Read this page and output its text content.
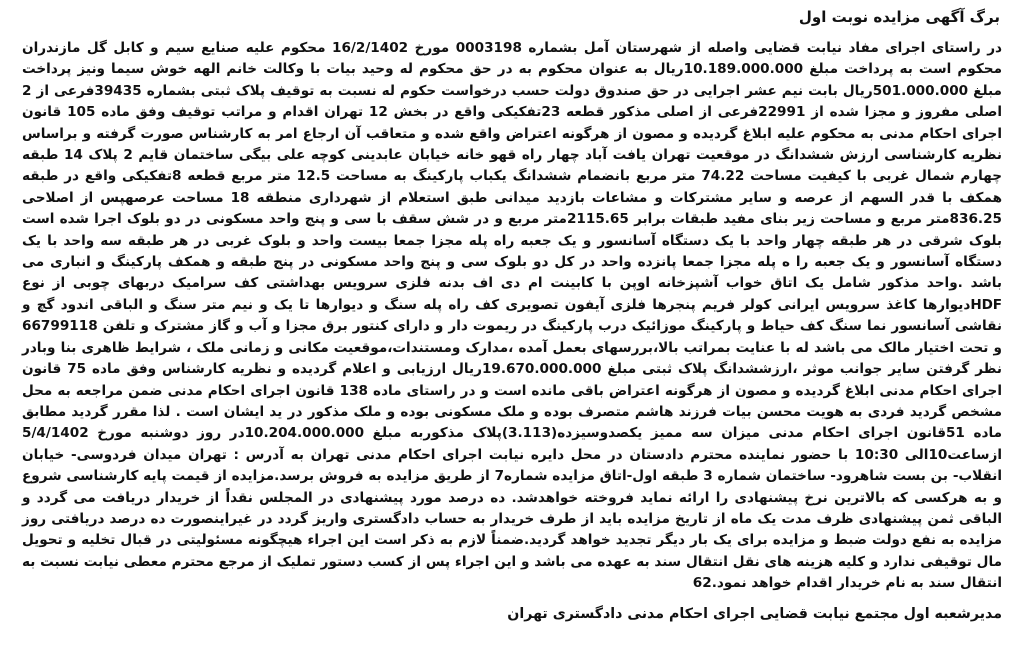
برگ آگهی مزایده نوبت اول

در راستای اجرای مفاد نیابت قضایی واصله از شهرستان آمل بشماره 0003198 مورخ 16/2/1402 محکوم علیه صنایع سیم و کابل گل مازندران محکوم است به پرداخت مبلغ 10.189.000.000ریال به عنوان محکوم به در حق محکوم له وحید بیات با وکالت خانم الهه خوش سیما ونیز پرداخت مبلغ 501.000.000ریال بابت نیم عشر اجرایی در حق صندوق دولت حسب درخواست حکوم له نسبت به توقیف پلاک ثبتی بشماره 39435فرعی از 2 اصلی مفروز و مجزا شده از 22991فرعی از اصلی مذکور قطعه 23تفکیکی واقع در بخش 12 تهران اقدام و مراتب توقیف وفق ماده 105 قانون اجرای احکام مدنی به محکوم علیه ابلاغ گردیده و مصون از هرگونه اعتراض واقع شده و متعاقب آن ارجاع امر به کارشناس صورت گرفته و براساس نظریه کارشناسی ارزش ششدانگ در موقعیت تهران یافت آباد چهار راه قهو خانه خیابان عابدینی کوچه علی بیگی ساختمان قایم 2 پلاک 14 طبقه چهارم شمال غربی با کیفیت مساحت 74.22 متر مربع بانضمام ششدانگ یکباب پارکینگ به مساحت 12.5 متر مربع قطعه 8تفکیکی واقع در طبقه همکف با قدر السهم از عرصه و سایر مشترکات و مشاعات بازدید میدانی طبق استعلام از شهرداری منطقه 18 مساحت عرصهپس از اصلاحی 836.25متر مربع و مساحت زیر بنای مفید طبقات برابر 2115.65متر مربع و در شش سقف با سی و پنج واحد مسکونی در دو بلوک اجرا شده است بلوک شرقی در هر طبقه چهار واحد با یک دستگاه آسانسور و یک جعبه راه پله مجزا جمعا بیست واحد و بلوک غربی در هر طبقه سه واحد با یک دستگاه آسانسور و یک جعبه را ه پله مجزا جمعا پانزده واحد در کل دو بلوک سی و پنج واحد مسکونی در پنج طبقه و همکف پارکینگ و انباری می باشد .واحد مذکور شامل یک اتاق خواب آشپزخانه اوپن با کابینت ام دی اف بدنه فلزی سرویس بهداشتی کف سرامیک دربهای چوبی از نوع HDFدیوارها کاغذ سرویس ایرانی کولر فریم پنجرها فلزی آیفون تصویری کف راه پله سنگ و دیوارها تا یک و نیم متر سنگ و الباقی اندود گچ و نقاشی آسانسور نما سنگ کف حیاط و پارکینگ موزائیک درب پارکینگ در ریموت دار و دارای کنتور برق مجزا و آب و گاز مشترک و تلفن 66799118 و تحت اختیار مالک می باشد له با عنایت بمراتب بالا،بررسهای بعمل آمده ،مدارک ومستندات،موقعیت مکانی و زمانی ملک ، شرایط ظاهری بنا وبادر نظر گرفتن سایر جوانب موثر ،ارزششدانگ پلاک ثبتی مبلغ 19.670.000.000ریال ارزیابی و اعلام گردیده و نظریه کارشناس وفق ماده 75 قانون اجرای احکام مدنی ابلاغ گردیده و مصون از هرگونه اعتراض باقی مانده است و در راستای ماده 138 قانون اجرای احکام مدنی ضمن مراجعه به محل مشخص گردید فردی به هویت محسن بیات فرزند هاشم متصرف بوده و ملک مسکونی بوده و ملک مذکور در ید ایشان است . لذا مقرر گردید مطابق ماده 51قانون اجرای احکام مدنی میزان سه ممیز یکصدوسیزده(3.113)پلاک مذکوربه مبلغ 10.204.000.000در روز دوشنبه مورخ 5/4/1402 ازساعت10الی 10:30 با حضور نماینده محترم دادستان در محل دایره نیابت اجرای احکام مدنی تهران به آدرس : تهران میدان فردوسی- خیابان انقلاب- بن بست شاهرود- ساختمان شماره 3 طبقه اول-اتاق مزایده شماره7 از طریق مزایده به فروش برسد.مزایده از قیمت پایه کارشناسی شروع و به هرکسی که بالاترین نرخ پیشنهادی را ارائه نماید فروخته خواهدشد. ده درصد مورد پیشنهادی در المجلس نقداً از خریدار دریافت می گردد و الباقی ثمن پیشنهادی ظرف مدت یک ماه از تاریخ مزایده باید از طرف خریدار به حساب دادگستری واریز گردد در غیراینصورت ده درصد دریافتی روز مزایده به نفع دولت ضبط و مزایده برای یک بار دیگر تجدید خواهد گردید.ضمناً لازم به ذکر است این اجراء هیچگونه مسئولیتی در قبال تخلیه و تحویل مال توقیفی ندارد و کلیه هزینه های نقل انتقال سند به عهده می باشد و این اجراء پس از کسب دستور تملیک از مرجع محترم معطی نیابت نسبت به انتقال سند به نام خریدار اقدام خواهد نمود.62

مدیرشعبه اول مجتمع نیابت قضایی اجرای احکام مدنی دادگستری تهران
